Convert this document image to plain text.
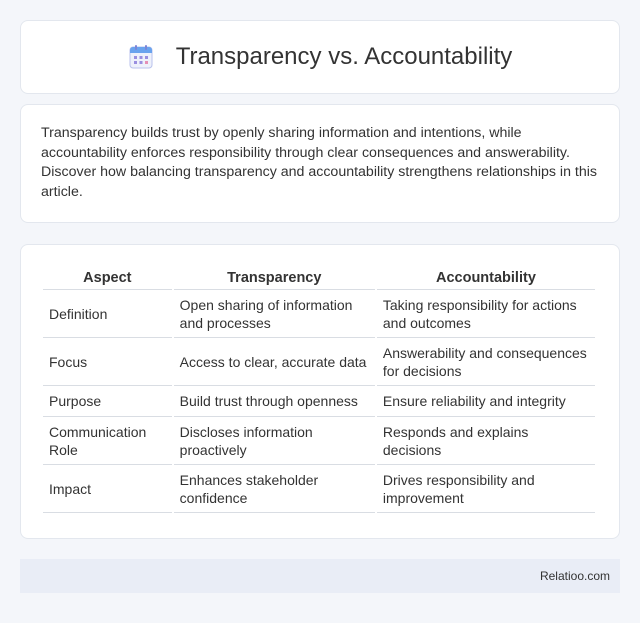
Transparency vs. Accountability

Transparency builds trust by openly sharing information and intentions, while accountability enforces responsibility through clear consequences and answerability. Discover how balancing transparency and accountability strengthens relationships in this article.

Aspect	Transparency	Accountability
Definition	Open sharing of information and processes	Taking responsibility for actions and outcomes
Focus	Access to clear, accurate data	Answerability and consequences for decisions
Purpose	Build trust through openness	Ensure reliability and integrity
Communication Role	Discloses information proactively	Responds and explains decisions
Impact	Enhances stakeholder confidence	Drives responsibility and improvement
Relatioo.com
